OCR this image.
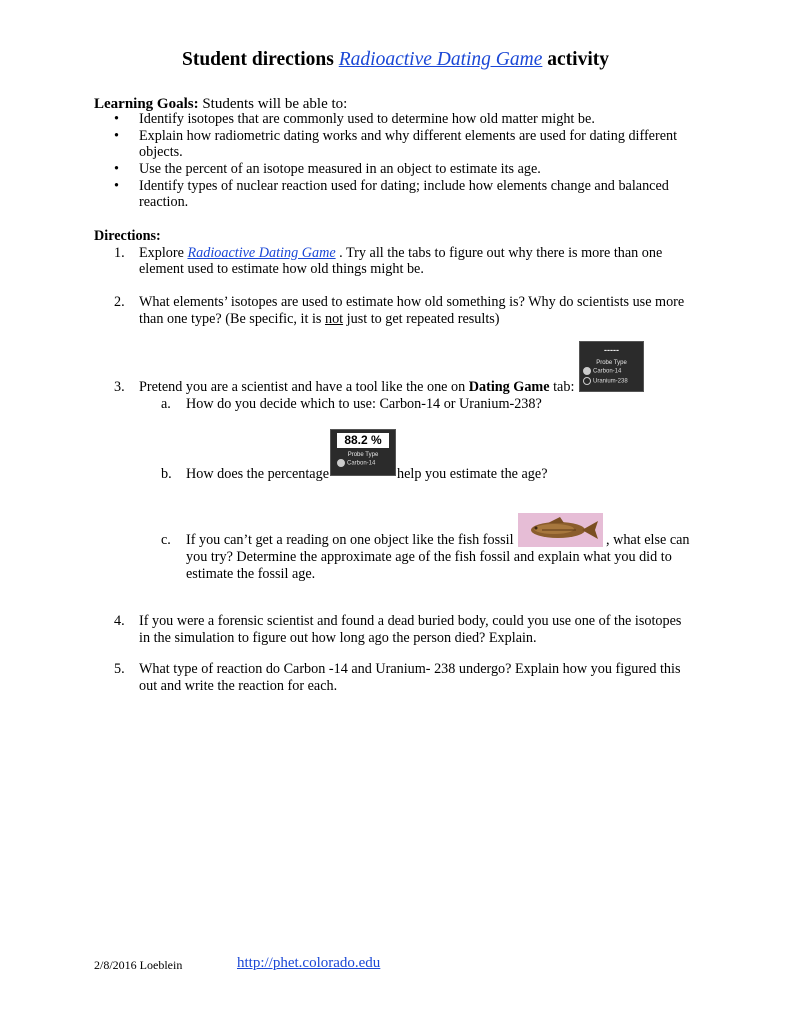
Student directions Radioactive Dating Game activity
Learning Goals: Students will be able to:
• Identify isotopes that are commonly used to determine how old matter might be.
• Explain how radiometric dating works and why different elements are used for dating different
objects.
• Use the percent of an isotope measured in an object to estimate its age.
• Identify types of nuclear reaction used for dating; include how elements change and balanced
reaction.
Directions:
1. Explore Radioactive Dating Game . Try all the tabs to figure out why there is more than one
element used to estimate how old things might be.
2. What elements’ isotopes are used to estimate how old something is? Why do scientists use more
than one type? (Be specific, it is not just to get repeated results)
-----
Probe Type
Carbon-14
Uranium-238
3. Pretend you are a scientist and have a tool like the one on Dating Game tab:
a. How do you decide which to use: Carbon-14 or Uranium-238?
88.2 %
Probe Type
Carbon-14
b. How does the percentage	help you estimate the age?
c. If you can’t get a reading on one object like the fish fossil	, what else can
you try? Determine the approximate age of the fish fossil and explain what you did to
estimate the fossil age.
4. If you were a forensic scientist and found a dead buried body, could you use one of the isotopes
in the simulation to figure out how long ago the person died? Explain.
5. What type of reaction do Carbon -14 and Uranium- 238 undergo? Explain how you figured this
out and write the reaction for each.
2/8/2016 Loeblein	http://phet.colorado.edu
